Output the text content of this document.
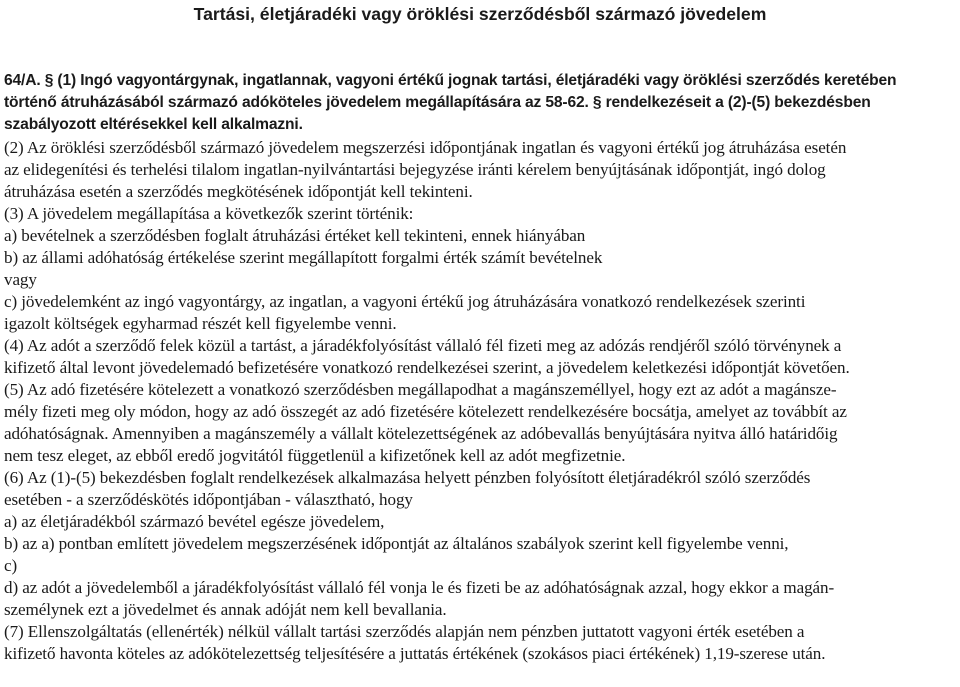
Tartási, életjáradéki vagy öröklési szerződésből származó jövedelem
64/A. § (1) Ingó vagyontárgynak, ingatlannak, vagyoni értékű jognak tartási, életjáradéki vagy öröklési szerződés keretében
történő átruházásából származó adóköteles jövedelem megállapítására az 58-62. § rendelkezéseit a (2)-(5) bekezdésben
szabályozott eltérésekkel kell alkalmazni.
(2) Az öröklési szerződésből származó jövedelem megszerzési időpontjának ingatlan és vagyoni értékű jog átruházása esetén
az elidegenítési és terhelési tilalom ingatlan-nyilvántartási bejegyzése iránti kérelem benyújtásának időpontját, ingó dolog
átruházása esetén a szerződés megkötésének időpontját kell tekinteni.
(3) A jövedelem megállapítása a következők szerint történik:
a) bevételnek a szerződésben foglalt átruházási értéket kell tekinteni, ennek hiányában
b) az állami adóhatóság értékelése szerint megállapított forgalmi érték számít bevételnek
vagy
c) jövedelemként az ingó vagyontárgy, az ingatlan, a vagyoni értékű jog átruházására vonatkozó rendelkezések szerinti
igazolt költségek egyharmad részét kell figyelembe venni.
(4) Az adót a szerződő felek közül a tartást, a járadékfolyósítást vállaló fél fizeti meg az adózás rendjéről szóló törvénynek a
kifizető által levont jövedelemadó befizetésére vonatkozó rendelkezései szerint, a jövedelem keletkezési időpontját követően.
(5) Az adó fizetésére kötelezett a vonatkozó szerződésben megállapodhat a magánszeméllyel, hogy ezt az adót a magánsze-
mély fizeti meg oly módon, hogy az adó összegét az adó fizetésére kötelezett rendelkezésére bocsátja, amelyet az továbbít az
adóhatóságnak. Amennyiben a magánszemély a vállalt kötelezettségének az adóbevallás benyújtására nyitva álló határidőig
nem tesz eleget, az ebből eredő jogvitától függetlenül a kifizetőnek kell az adót megfizetnie.
(6) Az (1)-(5) bekezdésben foglalt rendelkezések alkalmazása helyett pénzben folyósított életjáradékról szóló szerződés
esetében - a szerződéskötés időpontjában - választható, hogy
a) az életjáradékból származó bevétel egésze jövedelem,
b) az a) pontban említett jövedelem megszerzésének időpontját az általános szabályok szerint kell figyelembe venni,
c)
d) az adót a jövedelemből a járadékfolyósítást vállaló fél vonja le és fizeti be az adóhatóságnak azzal, hogy ekkor a magán-
személynek ezt a jövedelmet és annak adóját nem kell bevallania.
(7) Ellenszolgáltatás (ellenérték) nélkül vállalt tartási szerződés alapján nem pénzben juttatott vagyoni érték esetében a
kifizető havonta köteles az adókötelezettség teljesítésére a juttatás értékének (szokásos piaci értékének) 1,19-szerese után.
